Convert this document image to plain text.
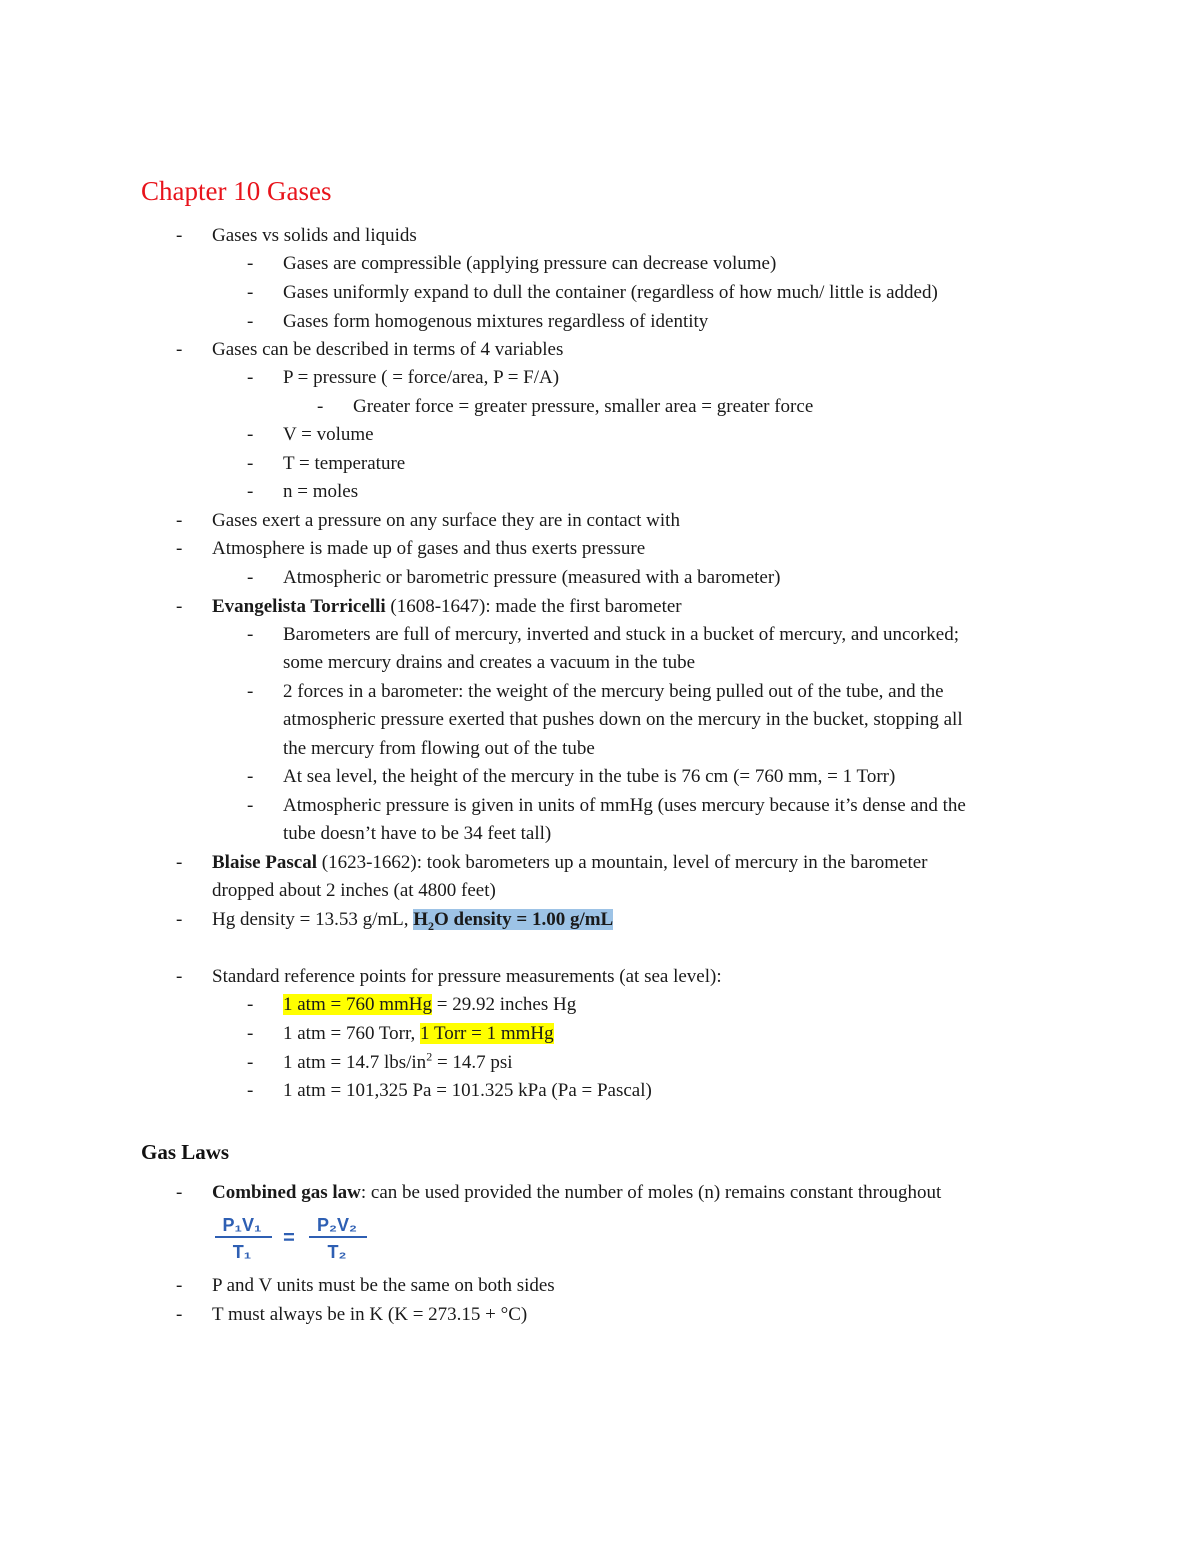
Chapter 10 Gases
- Gases vs solids and liquids
- Gases are compressible (applying pressure can decrease volume)
- Gases uniformly expand to dull the container (regardless of how much/ little is added)
- Gases form homogenous mixtures regardless of identity
- Gases can be described in terms of 4 variables
- P = pressure ( = force/area, P = F/A)
- Greater force = greater pressure, smaller area = greater force
- V = volume
- T = temperature
- n = moles
- Gases exert a pressure on any surface they are in contact with
- Atmosphere is made up of gases and thus exerts pressure
- Atmospheric or barometric pressure (measured with a barometer)
- Evangelista Torricelli (1608-1647): made the first barometer
- Barometers are full of mercury, inverted and stuck in a bucket of mercury, and uncorked;
some mercury drains and creates a vacuum in the tube
- 2 forces in a barometer: the weight of the mercury being pulled out of the tube, and the
atmospheric pressure exerted that pushes down on the mercury in the bucket, stopping all
the mercury from flowing out of the tube
- At sea level, the height of the mercury in the tube is 76 cm (= 760 mm, = 1 Torr)
- Atmospheric pressure is given in units of mmHg (uses mercury because it’s dense and the
tube doesn’t have to be 34 feet tall)
- Blaise Pascal (1623-1662): took barometers up a mountain, level of mercury in the barometer
dropped about 2 inches (at 4800 feet)
- Hg density = 13.53 g/mL, $H_2O$ density = 1.00 g/mL
- Standard reference points for pressure measurements (at sea level):
- 1 atm = 760 mmHg = 29.92 inches Hg
- 1 atm = 760 Torr, 1 Torr = 1 mmHg
- 1 atm = 14.7 lbs/$in^2 = 14.7$ psi
- 1 atm = 101,325 Pa = 101.325 kPa (Pa = Pascal)
Gas Laws
- Combined gas law: can be used provided the number of moles (n) remains constant throughout
P₁V₁
T₁
=
P₂V₂
T₂
- P and V units must be the same on both sides
- T must always be in K (K = 273.15 + °C)
